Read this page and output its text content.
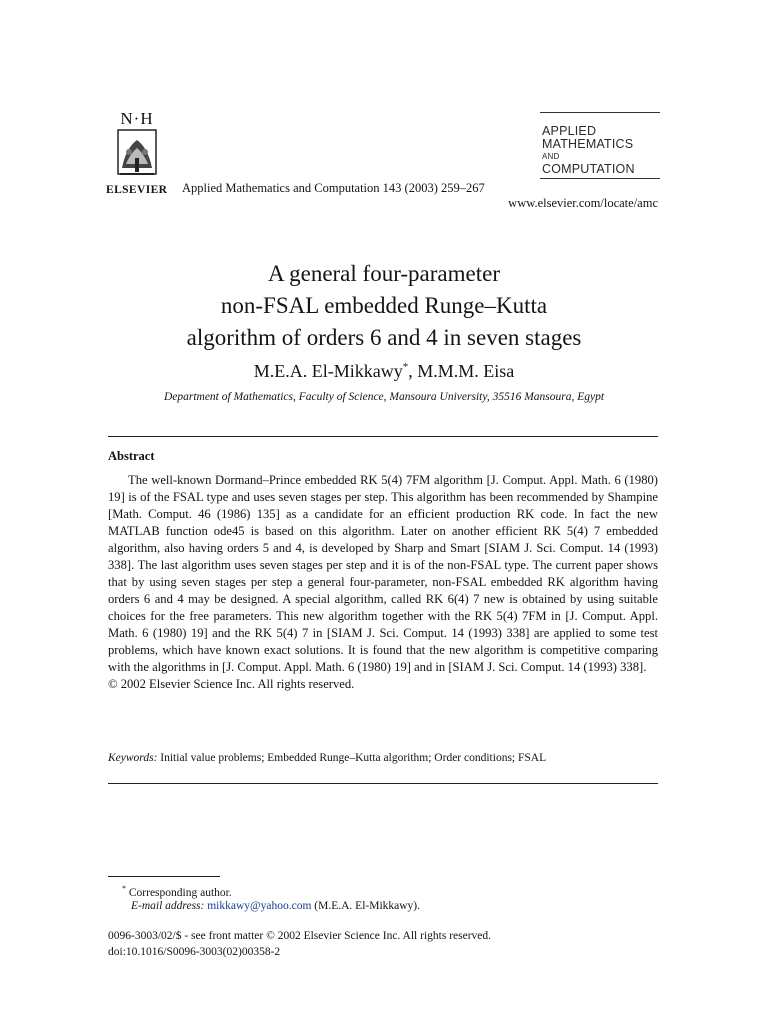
N·H
ELSEVIER Applied Mathematics and Computation 143 (2003) 259–267
www.elsevier.com/locate/amc
APPLIED
MATHEMATICS
AND
COMPUTATION
A general four-parameter
non-FSAL embedded Runge–Kutta
algorithm of orders 6 and 4 in seven stages
M.E.A. El-Mikkawy*, M.M.M. Eisa
Department of Mathematics, Faculty of Science, Mansoura University, 35516 Mansoura, Egypt
Abstract

The well-known Dormand–Prince embedded RK 5(4) 7FM algorithm [J. Comput. Appl. Math. 6 (1980) 19] is of the FSAL type and uses seven stages per step. This algorithm has been recommended by Shampine [Math. Comput. 46 (1986) 135] as a candidate for an efficient production RK code. In fact the new MATLAB function ode45 is based on this algorithm. Later on another efficient RK 5(4) 7 embedded algorithm, also having orders 5 and 4, is developed by Sharp and Smart [SIAM J. Sci. Comput. 14 (1993) 338]. The last algorithm uses seven stages per step and it is of the non-FSAL type. The current paper shows that by using seven stages per step a general four-parameter, non-FSAL embedded RK algorithm having orders 6 and 4 may be designed. A special algorithm, called RK 6(4) 7 new is obtained by using suitable choices for the free parameters. This new algorithm together with the RK 5(4) 7FM in [J. Comput. Appl. Math. 6 (1980) 19] and the RK 5(4) 7 in [SIAM J. Sci. Comput. 14 (1993) 338] are applied to some test problems, which have known exact solutions. It is found that the new algorithm is competitive comparing with the algorithms in [J. Comput. Appl. Math. 6 (1980) 19] and in [SIAM J. Sci. Comput. 14 (1993) 338].

© 2002 Elsevier Science Inc. All rights reserved.

Keywords: Initial value problems; Embedded Runge–Kutta algorithm; Order conditions; FSAL
* Corresponding author.
E-mail address: mikkawy@yahoo.com (M.E.A. El-Mikkawy).
0096-3003/02/$ - see front matter © 2002 Elsevier Science Inc. All rights reserved.
doi:10.1016/S0096-3003(02)00358-2
